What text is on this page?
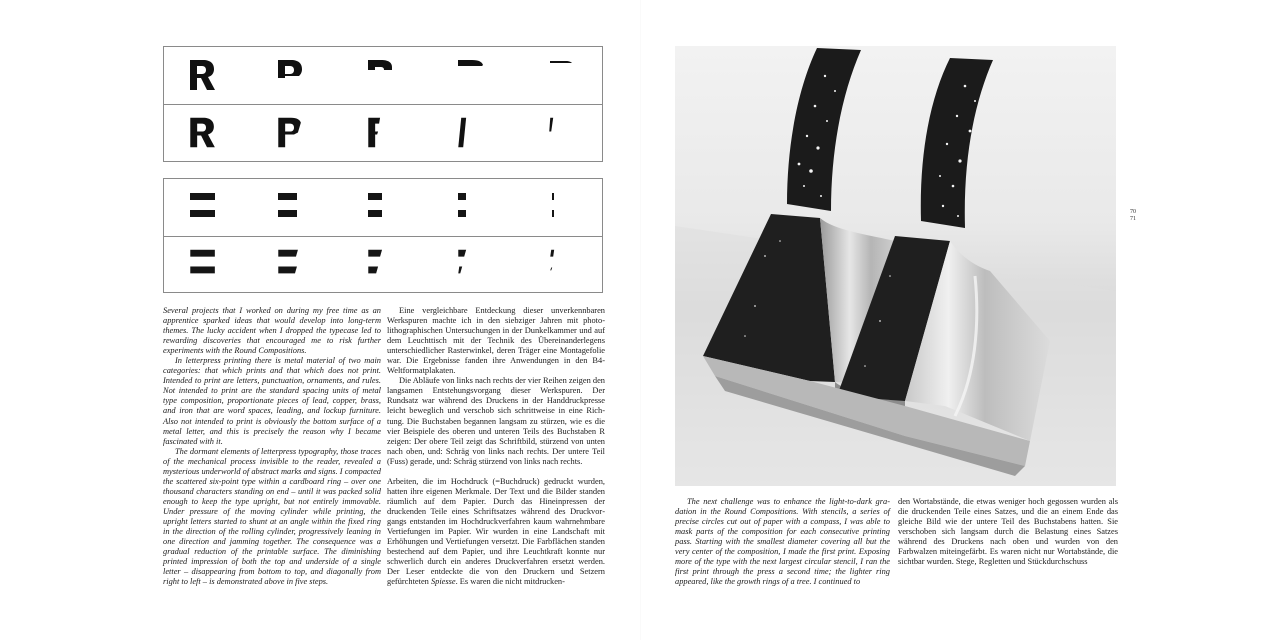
Several projects that I worked on during my free time as an apprentice sparked ideas that would develop into long-term themes. The lucky accident when I dropped the typecase led to rewarding discoveries that encouraged me to risk further experiments with the Round Compositions.

In letterpress printing there is metal material of two main categories: that which prints and that which does not print. Intended to print are letters, punctuation, ornaments, and rules. Not intended to print are the standard spacing units of metal type composition, proportionate pieces of lead, copper, brass, and iron that are word spaces, leading, and lockup furniture. Also not intended to print is obviously the bottom surface of a metal letter, and this is precisely the reason why I became fascinated with it.

The dormant elements of letterpress typography, those traces of the mechanical process invisible to the reader, revealed a mysterious underworld of abstract marks and signs. I compacted the scattered six-point type within a cardboard ring – over one thousand characters standing on end – until it was packed solid enough to keep the type upright, but not entirely immovable. Under pressure of the moving cylinder while printing, the upright letters started to shunt at an angle within the fixed ring in the direction of the rolling cylinder, progressively leaning in one direction and jamming together. The consequence was a gradual reduction of the printable surface. The diminishing printed impression of both the top and underside of a single letter – disappearing from bottom to top, and diagonally from right to left – is demonstrated above in five steps.

Eine vergleichbare Entdeckung dieser unverkennbaren Werkspuren machte ich in den siebziger Jahren mit photolithographischen Untersuchungen in der Dunkelkammer und auf dem Leuchttisch mit der Technik des Übereinanderlegens unterschiedlicher Rasterwinkel, deren Träger eine Montagefolie war. Die Ergebnisse fanden ihre Anwendungen in den B4-Weltformatplakaten.

Die Abläufe von links nach rechts der vier Reihen zeigen den langsamen Entstehungsvorgang dieser Werkspuren. Der Rundsatz war während des Druckens in der Handdruckpresse leicht beweglich und verschob sich schrittweise in eine Richtung. Die Buchstaben begannen langsam zu stürzen, wie es die vier Beispiele des oberen und unteren Teils des Buchstaben R zeigen: Der obere Teil zeigt das Schriftbild, stürzend von unten nach oben, und: Schräg von links nach rechts. Der untere Teil (Fuss) gerade, und: Schräg stürzend von links nach rechts.

Arbeiten, die im Hochdruck (=Buchdruck) gedruckt wurden, hatten ihre eigenen Merkmale. Der Text und die Bilder standen räumlich auf dem Papier. Durch das Hineinpressen der druckenden Teile eines Schriftsatzes während des Druckvorgangs entstanden im Hochdruckverfahren kaum wahrnehmbare Vertiefungen im Papier. Wir wurden in eine Landschaft mit Erhöhungen und Vertiefungen versetzt. Die Farbflächen standen bestechend auf dem Papier, und ihre Leuchtkraft konnte nur schwerlich durch ein anderes Druckverfahren ersetzt werden. Der Leser entdeckte die von den Druckern und Setzern gefürchteten Spiesse. Es waren die nicht mitdrucken-

70
71

The next challenge was to enhance the light-to-dark gradation in the Round Compositions. With stencils, a series of precise circles cut out of paper with a compass, I was able to mask parts of the composition for each consecutive printing pass. Starting with the smallest diameter covering all but the very center of the composition, I made the first print. Exposing more of the type with the next largest circular stencil, I ran the first print through the press a second time; the lighter ring appeared, like the growth rings of a tree. I continued to

den Wortabstände, die etwas weniger hoch gegossen wurden als die druckenden Teile eines Satzes, und die an einem Ende das gleiche Bild wie der untere Teil des Buchstabens hatten. Sie verschoben sich langsam durch die Belastung eines Satzes während des Druckens nach oben und wurden von den Farbwalzen miteingefärbt. Es waren nicht nur Wortabstände, die sichtbar wurden. Stege, Regletten und Stückdurchschuss
